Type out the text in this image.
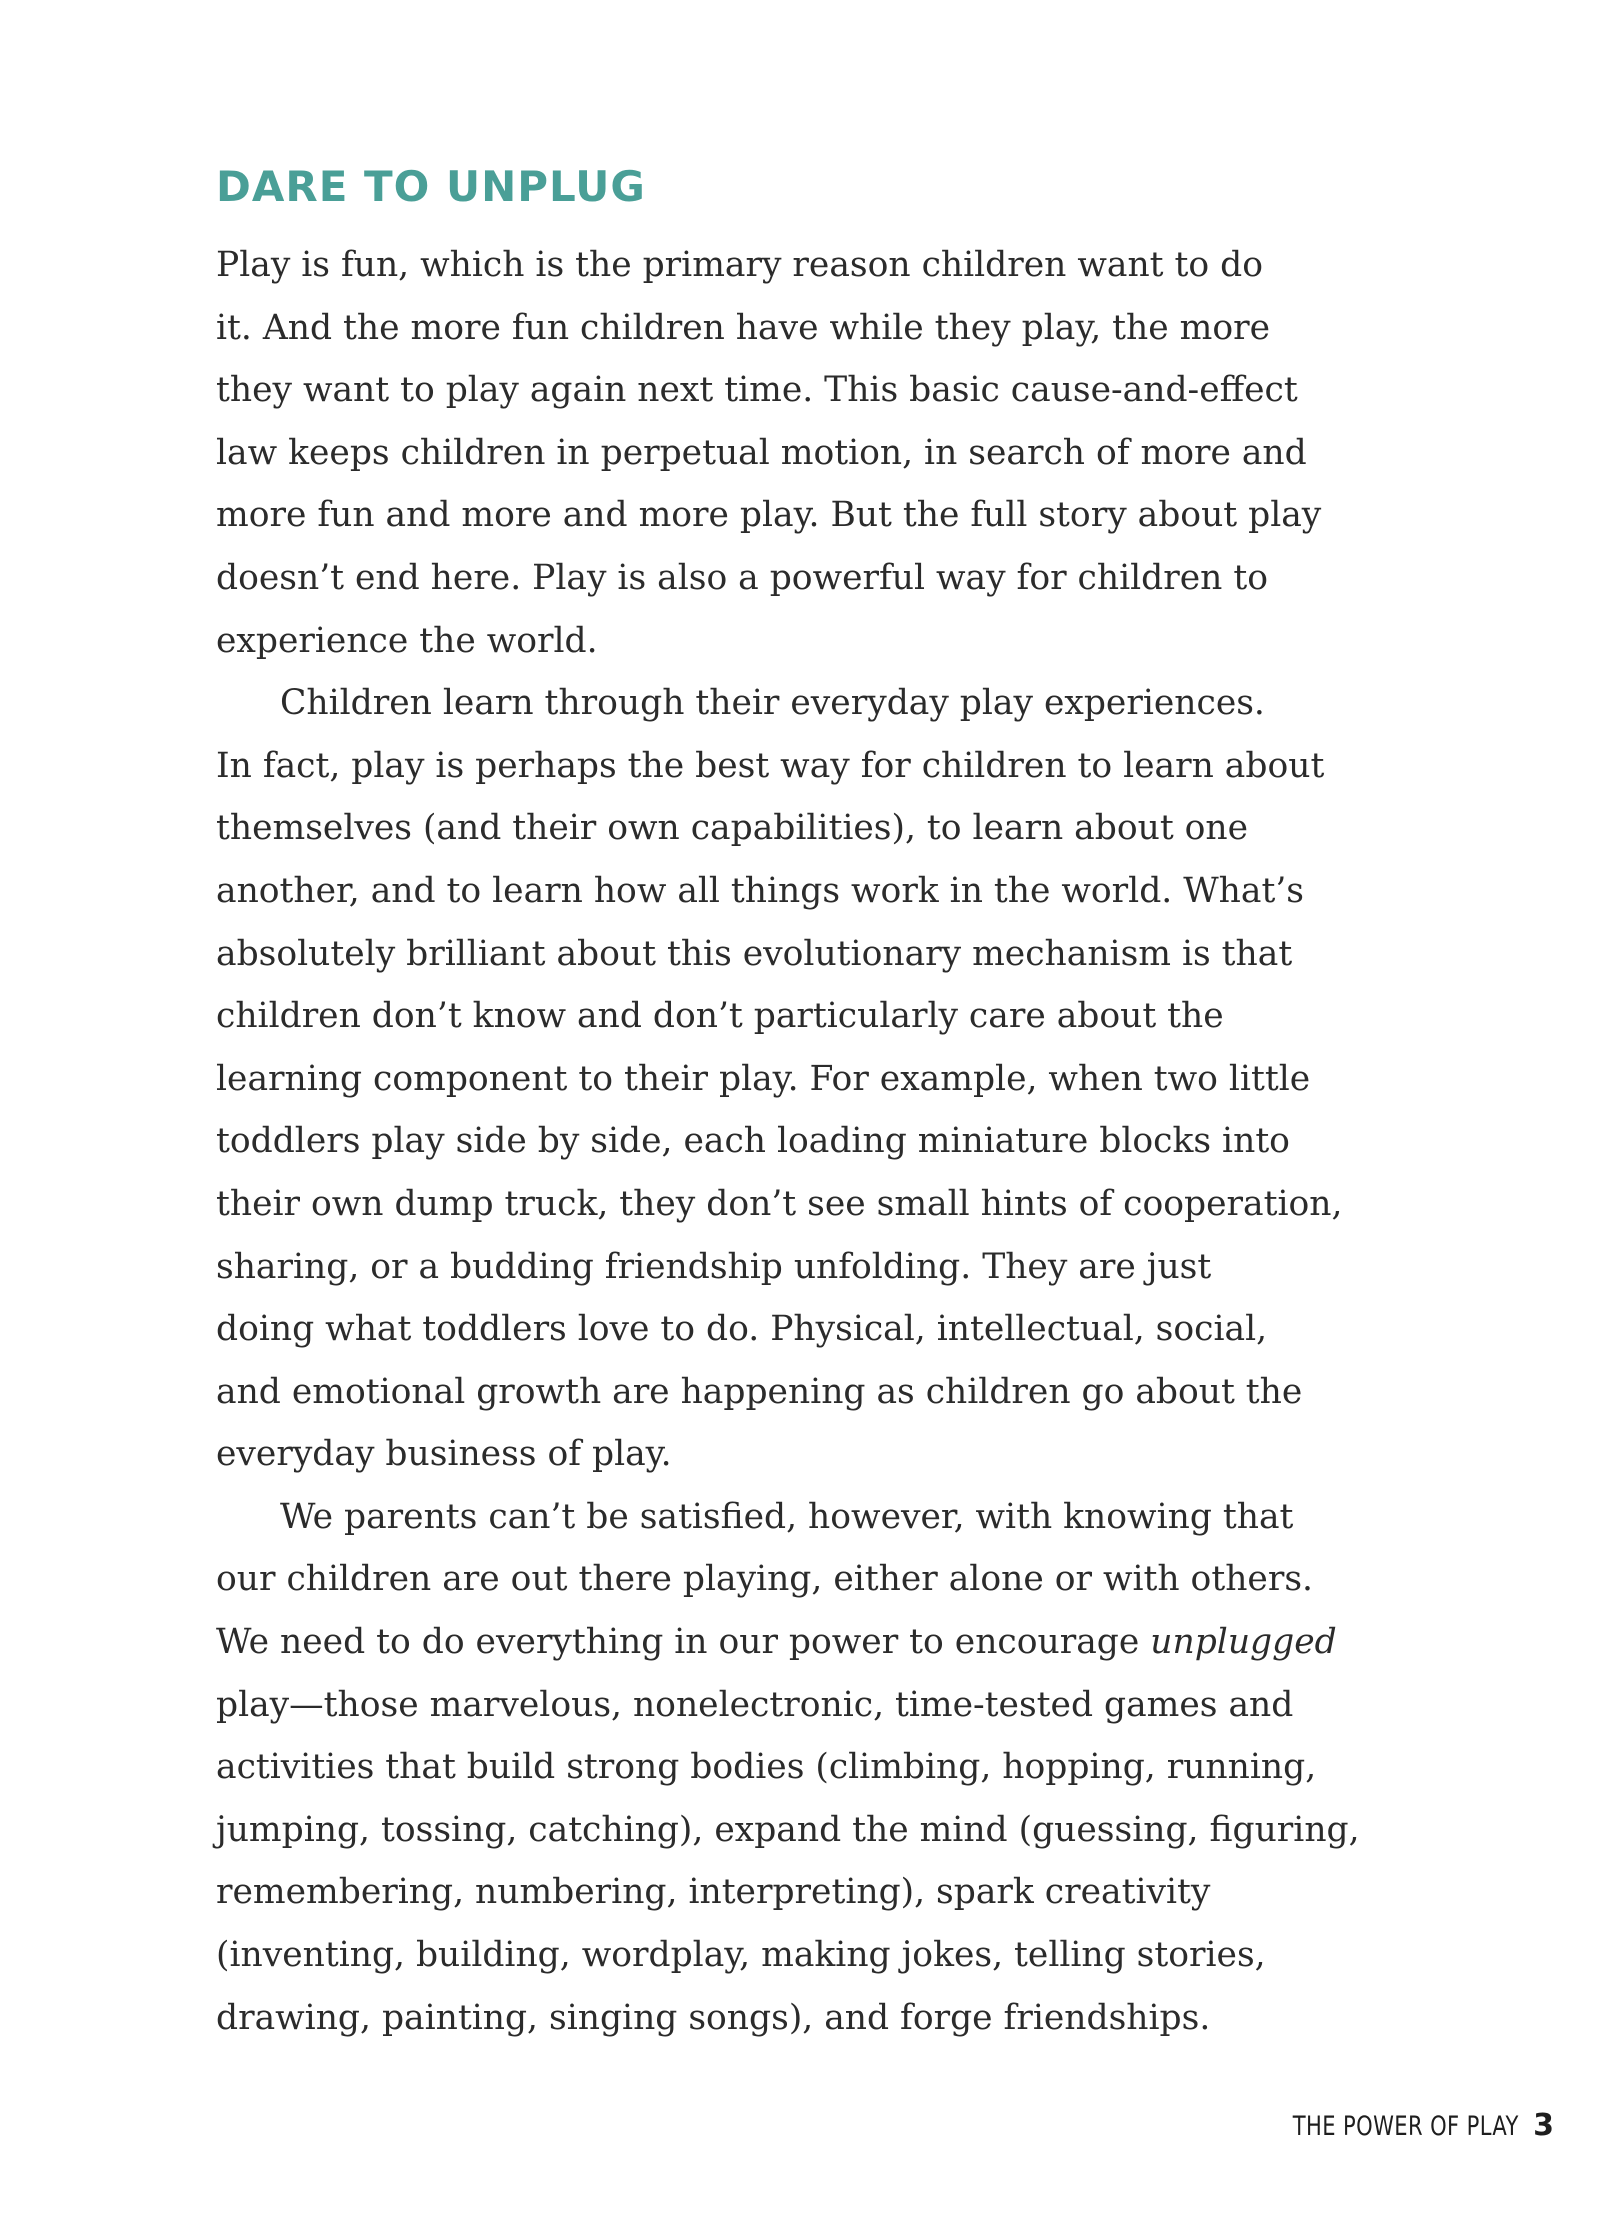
DARE TO UNPLUG

Play is fun, which is the primary reason children want to do
it. And the more fun children have while they play, the more
they want to play again next time. This basic cause-and-effect
law keeps children in perpetual motion, in search of more and
more fun and more and more play. But the full story about play
doesn’t end here. Play is also a powerful way for children to
experience the world.

Children learn through their everyday play experiences.
In fact, play is perhaps the best way for children to learn about
themselves (and their own capabilities), to learn about one
another, and to learn how all things work in the world. What’s
absolutely brilliant about this evolutionary mechanism is that
children don’t know and don’t particularly care about the
learning component to their play. For example, when two little
toddlers play side by side, each loading miniature blocks into
their own dump truck, they don’t see small hints of cooperation,
sharing, or a budding friendship unfolding. They are just
doing what toddlers love to do. Physical, intellectual, social,
and emotional growth are happening as children go about the
everyday business of play.

We parents can’t be satisfied, however, with knowing that
our children are out there playing, either alone or with others.
We need to do everything in our power to encourage unplugged
play—those marvelous, nonelectronic, time-tested games and
activities that build strong bodies (climbing, hopping, running,
jumping, tossing, catching), expand the mind (guessing, figuring,
remembering, numbering, interpreting), spark creativity
(inventing, building, wordplay, making jokes, telling stories,
drawing, painting, singing songs), and forge friendships.

THE POWER OF PLAY 3
